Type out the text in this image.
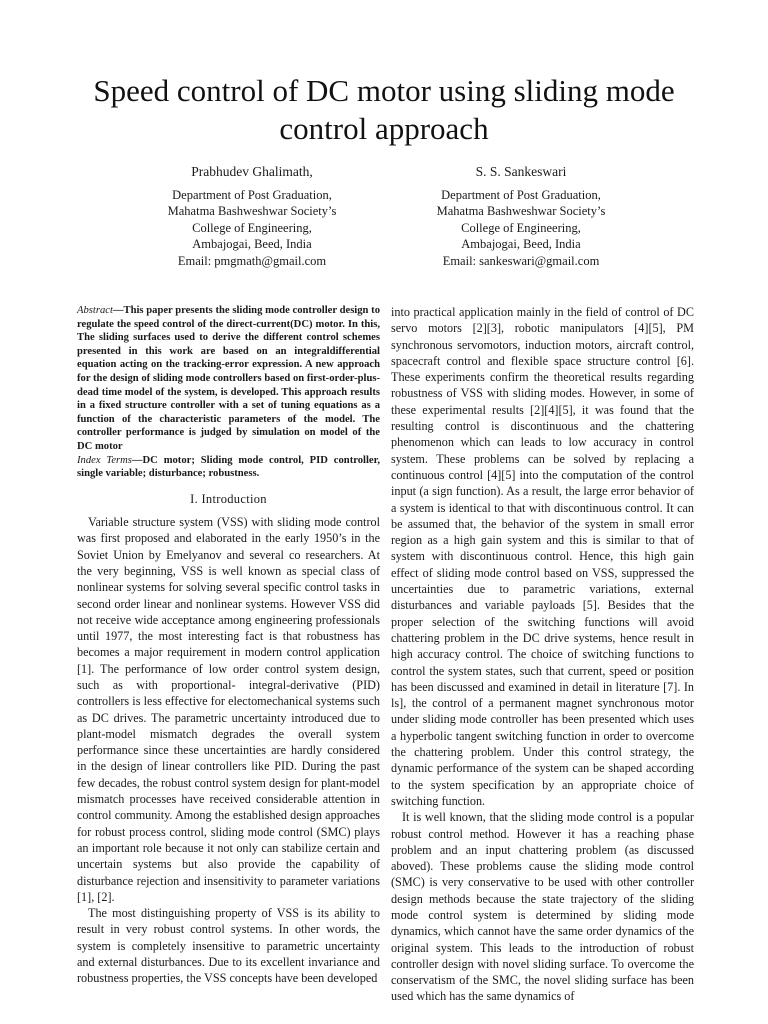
Speed control of DC motor using sliding mode control approach
Prabhudev Ghalimath,
Department of Post Graduation,
Mahatma Bashweshwar Society’s
College of Engineering,
Ambajogai, Beed, India
Email: pmgmath@gmail.com
S. S. Sankeswari
Department of Post Graduation,
Mahatma Bashweshwar Society’s
College of Engineering,
Ambajogai, Beed, India
Email: sankeswari@gmail.com
Abstract—This paper presents the sliding mode controller design to regulate the speed control of the direct-current(DC) motor. In this, The sliding surfaces used to derive the different control schemes presented in this work are based on an integraldifferential equation acting on the tracking-error expression. A new approach for the design of sliding mode controllers based on first-order-plus-dead time model of the system, is developed. This approach results in a fixed structure controller with a set of tuning equations as a function of the characteristic parameters of the model. The controller performance is judged by simulation on model of the DC motor
Index Terms—DC motor; Sliding mode control, PID controller, single variable; disturbance; robustness.
I. Introduction

Variable structure system (VSS) with sliding mode control was first proposed and elaborated in the early 1950’s in the Soviet Union by Emelyanov and several co researchers. At the very beginning, VSS is well known as special class of nonlinear systems for solving several specific control tasks in second order linear and nonlinear systems. However VSS did not receive wide acceptance among engineering professionals until 1977, the most interesting fact is that robustness has becomes a major requirement in modern control application [1]. The performance of low order control system design, such as with proportional- integral-derivative (PID) controllers is less effective for electomechanical systems such as DC drives. The parametric uncertainty introduced due to plant-model mismatch degrades the overall system performance since these uncertainties are hardly considered in the design of linear controllers like PID. During the past few decades, the robust control system design for plant-model mismatch processes have received considerable attention in control community. Among the established design approaches for robust process control, sliding mode control (SMC) plays an important role because it not only can stabilize certain and uncertain systems but also provide the capability of disturbance rejection and insensitivity to parameter variations [1], [2].

The most distinguishing property of VSS is its ability to result in very robust control systems. In other words, the system is completely insensitive to parametric uncertainty and external disturbances. Due to its excellent invariance and robustness properties, the VSS concepts have been developed

into practical application mainly in the field of control of DC servo motors [2][3], robotic manipulators [4][5], PM synchronous servomotors, induction motors, aircraft control, spacecraft control and flexible space structure control [6]. These experiments confirm the theoretical results regarding robustness of VSS with sliding modes. However, in some of these experimental results [2][4][5], it was found that the resulting control is discontinuous and the chattering phenomenon which can leads to low accuracy in control system. These problems can be solved by replacing a continuous control [4][5] into the computation of the control input (a sign function). As a result, the large error behavior of a system is identical to that with discontinuous control. It can be assumed that, the behavior of the system in small error region as a high gain system and this is similar to that of system with discontinuous control. Hence, this high gain effect of sliding mode control based on VSS, suppressed the uncertainties due to parametric variations, external disturbances and variable payloads [5]. Besides that the proper selection of the switching functions will avoid chattering problem in the DC drive systems, hence result in high accuracy control. The choice of switching functions to control the system states, such that current, speed or position has been discussed and examined in detail in literature [7]. In ls], the control of a permanent magnet synchronous motor under sliding mode controller has been presented which uses a hyperbolic tangent switching function in order to overcome the chattering problem. Under this control strategy, the dynamic performance of the system can be shaped according to the system specification by an appropriate choice of switching function.

It is well known, that the sliding mode control is a popular robust control method. However it has a reaching phase problem and an input chattering problem (as discussed aboved). These problems cause the sliding mode control (SMC) is very conservative to be used with other controller design methods because the state trajectory of the sliding mode control system is determined by sliding mode dynamics, which cannot have the same order dynamics of the original system. This leads to the introduction of robust controller design with novel sliding surface. To overcome the conservatism of the SMC, the novel sliding surface has been used which has the same dynamics of
